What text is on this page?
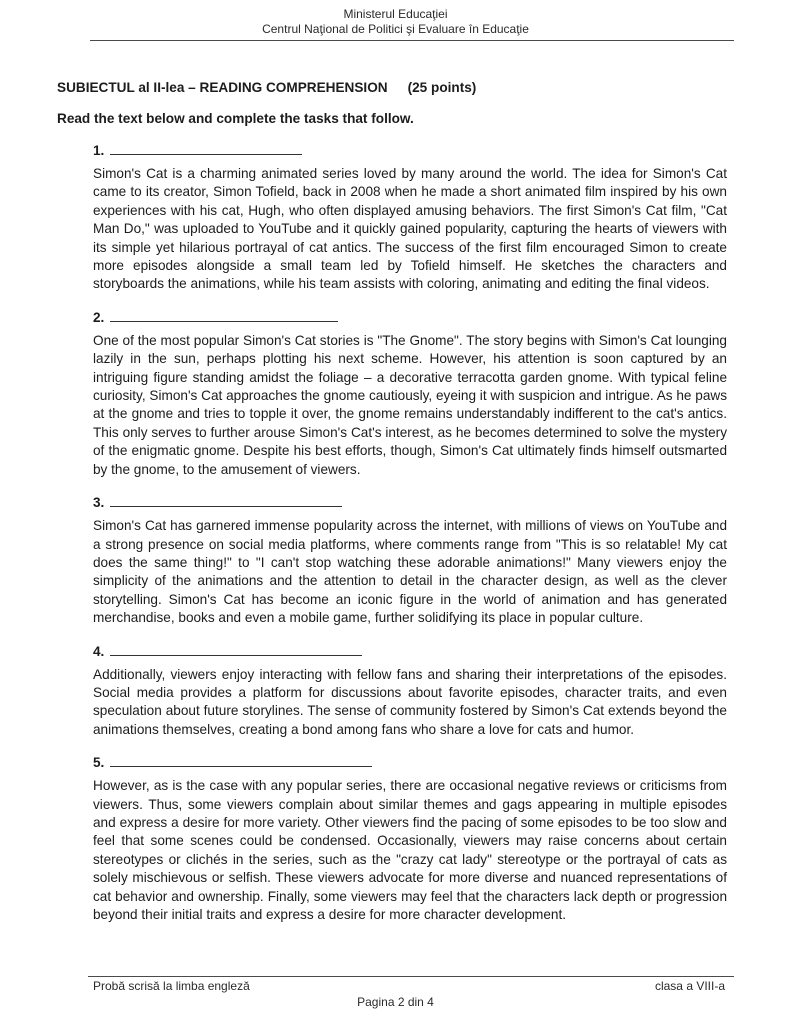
Ministerul Educaţiei
Centrul Naţional de Politici şi Evaluare în Educaţie
SUBIECTUL al II-lea – READING COMPREHENSION (25 points)
Read the text below and complete the tasks that follow.
1.

Simon's Cat is a charming animated series loved by many around the world. The idea for Simon's Cat came to its creator, Simon Tofield, back in 2008 when he made a short animated film inspired by his own experiences with his cat, Hugh, who often displayed amusing behaviors. The first Simon's Cat film, "Cat Man Do," was uploaded to YouTube and it quickly gained popularity, capturing the hearts of viewers with its simple yet hilarious portrayal of cat antics. The success of the first film encouraged Simon to create more episodes alongside a small team led by Tofield himself. He sketches the characters and storyboards the animations, while his team assists with coloring, animating and editing the final videos.

2.

One of the most popular Simon's Cat stories is "The Gnome". The story begins with Simon's Cat lounging lazily in the sun, perhaps plotting his next scheme. However, his attention is soon captured by an intriguing figure standing amidst the foliage – a decorative terracotta garden gnome. With typical feline curiosity, Simon's Cat approaches the gnome cautiously, eyeing it with suspicion and intrigue. As he paws at the gnome and tries to topple it over, the gnome remains understandably indifferent to the cat's antics. This only serves to further arouse Simon's Cat's interest, as he becomes determined to solve the mystery of the enigmatic gnome. Despite his best efforts, though, Simon's Cat ultimately finds himself outsmarted by the gnome, to the amusement of viewers.

3.

Simon's Cat has garnered immense popularity across the internet, with millions of views on YouTube and a strong presence on social media platforms, where comments range from "This is so relatable! My cat does the same thing!" to "I can't stop watching these adorable animations!" Many viewers enjoy the simplicity of the animations and the attention to detail in the character design, as well as the clever storytelling. Simon's Cat has become an iconic figure in the world of animation and has generated merchandise, books and even a mobile game, further solidifying its place in popular culture.

4.

Additionally, viewers enjoy interacting with fellow fans and sharing their interpretations of the episodes. Social media provides a platform for discussions about favorite episodes, character traits, and even speculation about future storylines. The sense of community fostered by Simon's Cat extends beyond the animations themselves, creating a bond among fans who share a love for cats and humor.

5.

However, as is the case with any popular series, there are occasional negative reviews or criticisms from viewers. Thus, some viewers complain about similar themes and gags appearing in multiple episodes and express a desire for more variety. Other viewers find the pacing of some episodes to be too slow and feel that some scenes could be condensed. Occasionally, viewers may raise concerns about certain stereotypes or clichés in the series, such as the "crazy cat lady" stereotype or the portrayal of cats as solely mischievous or selfish. These viewers advocate for more diverse and nuanced representations of cat behavior and ownership. Finally, some viewers may feel that the characters lack depth or progression beyond their initial traits and express a desire for more character development.

Probă scrisă la limba engleză	clasa a VIII-a
Pagina 2 din 4
